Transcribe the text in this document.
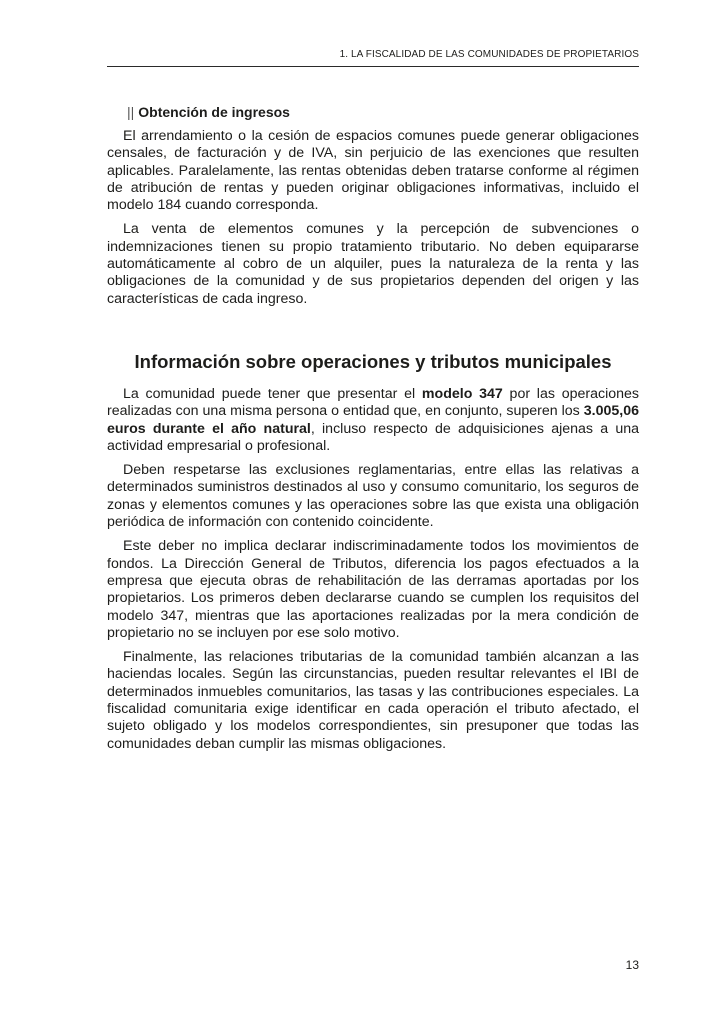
1. LA FISCALIDAD DE LAS COMUNIDADES DE PROPIETARIOS
|| Obtención de ingresos

El arrendamiento o la cesión de espacios comunes puede generar obligaciones censales, de facturación y de IVA, sin perjuicio de las exenciones que resulten aplicables. Paralelamente, las rentas obtenidas deben tratarse conforme al régimen de atribución de rentas y pueden originar obligaciones informativas, incluido el modelo 184 cuando corresponda.

La venta de elementos comunes y la percepción de subvenciones o indemnizaciones tienen su propio tratamiento tributario. No deben equipararse automáticamente al cobro de un alquiler, pues la naturaleza de la renta y las obligaciones de la comunidad y de sus propietarios dependen del origen y las características de cada ingreso.

Información sobre operaciones y tributos municipales

La comunidad puede tener que presentar el modelo 347 por las operaciones realizadas con una misma persona o entidad que, en conjunto, superen los 3.005,06 euros durante el año natural, incluso respecto de adquisiciones ajenas a una actividad empresarial o profesional.

Deben respetarse las exclusiones reglamentarias, entre ellas las relativas a determinados suministros destinados al uso y consumo comunitario, los seguros de zonas y elementos comunes y las operaciones sobre las que exista una obligación periódica de información con contenido coincidente.

Este deber no implica declarar indiscriminadamente todos los movimientos de fondos. La Dirección General de Tributos, diferencia los pagos efectuados a la empresa que ejecuta obras de rehabilitación de las derramas aportadas por los propietarios. Los primeros deben declararse cuando se cumplen los requisitos del modelo 347, mientras que las aportaciones realizadas por la mera condición de propietario no se incluyen por ese solo motivo.

Finalmente, las relaciones tributarias de la comunidad también alcanzan a las haciendas locales. Según las circunstancias, pueden resultar relevantes el IBI de determinados inmuebles comunitarios, las tasas y las contribuciones especiales. La fiscalidad comunitaria exige identificar en cada operación el tributo afectado, el sujeto obligado y los modelos correspondientes, sin presuponer que todas las comunidades deban cumplir las mismas obligaciones.

13
